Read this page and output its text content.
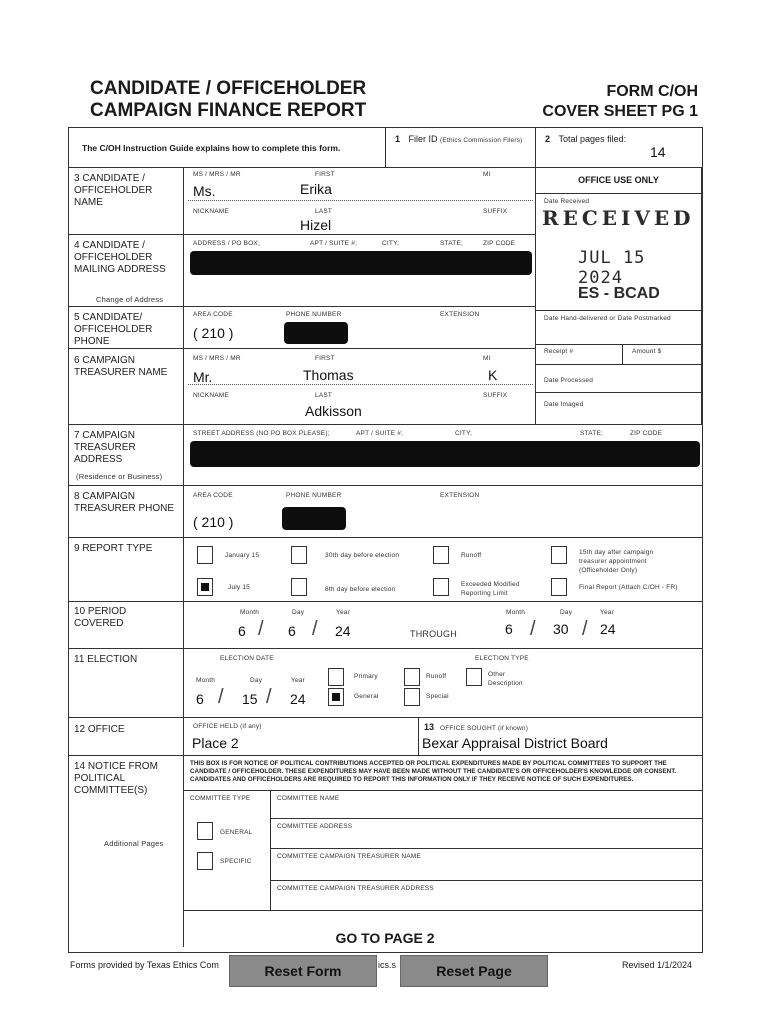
CANDIDATE / OFFICEHOLDER
CAMPAIGN FINANCE REPORT
FORM C/OH
COVER SHEET PG 1
The C/OH Instruction Guide explains how to complete this form.
1 Filer ID (Ethics Commission Filers) 2 Total pages filed:
14
OFFICE USE ONLY
Date Received
RECEIVED
JUL 15 2024
ES - BCAD
Date Hand-delivered or Date Postmarked
Receipt #	Amount $
Date Processed
Date Imaged
3 CANDIDATE / OFFICEHOLDER NAME
MS / MRS / MR	FIRST	MI
Ms.	Erika
NICKNAME	LAST	SUFFIX
Hizel
4 CANDIDATE / OFFICEHOLDER MAILING ADDRESS
ADDRESS / PO BOX;	APT / SUITE #;	CITY;	STATE;	ZIP CODE
Change of Address
5 CANDIDATE/ OFFICEHOLDER PHONE
AREA CODE	PHONE NUMBER	EXTENSION
( 210 )
6 CAMPAIGN TREASURER NAME
MS / MRS / MR	FIRST	MI
Mr.	Thomas	K
NICKNAME	LAST	SUFFIX
Adkisson
7 CAMPAIGN TREASURER ADDRESS
(Residence or Business)
STREET ADDRESS (NO PO BOX PLEASE);	APT / SUITE #;	CITY;	STATE;	ZIP CODE
8 CAMPAIGN TREASURER PHONE
AREA CODE	PHONE NUMBER	EXTENSION
( 210 )
9 REPORT TYPE
January 15	30th day before election	Runoff	15th day after campaign treasurer appointment (Officeholder Only)
July 15	8th day before election
Exceeded Modified Reporting Limit
Final Report (Attach C/OH - FR)
10 PERIOD COVERED
Month	Day	Year
6 / 6 / 24	THROUGH
Month	Day	Year
6 / 30 / 24
11 ELECTION	ELECTION DATE	ELECTION TYPE
Month	Day	Year
6 / 15 / 24
Primary	Runoff	Other
Description
General	Special
12 OFFICE	OFFICE HELD (if any)
Place 2
13 OFFICE SOUGHT (if known)
Bexar Appraisal District Board
14 NOTICE FROM POLITICAL COMMITTEE(S)
THIS BOX IS FOR NOTICE OF POLITICAL CONTRIBUTIONS ACCEPTED OR POLITICAL EXPENDITURES MADE BY POLITICAL COMMITTEES TO SUPPORT THE CANDIDATE / OFFICEHOLDER. THESE EXPENDITURES MAY HAVE BEEN MADE WITHOUT THE CANDIDATE'S OR OFFICEHOLDER'S KNOWLEDGE OR CONSENT. CANDIDATES AND OFFICEHOLDERS ARE REQUIRED TO REPORT THIS INFORMATION ONLY IF THEY RECEIVE NOTICE OF SUCH EXPENDITURES.
COMMITTEE TYPE	COMMITTEE NAME
GENERAL
COMMITTEE ADDRESS
Additional Pages
SPECIFIC
COMMITTEE CAMPAIGN TREASURER NAME
COMMITTEE CAMPAIGN TREASURER ADDRESS
GO TO PAGE 2
Forms provided by Texas Ethics Com	Reset Form	ics.s	Reset Page	Revised 1/1/2024
